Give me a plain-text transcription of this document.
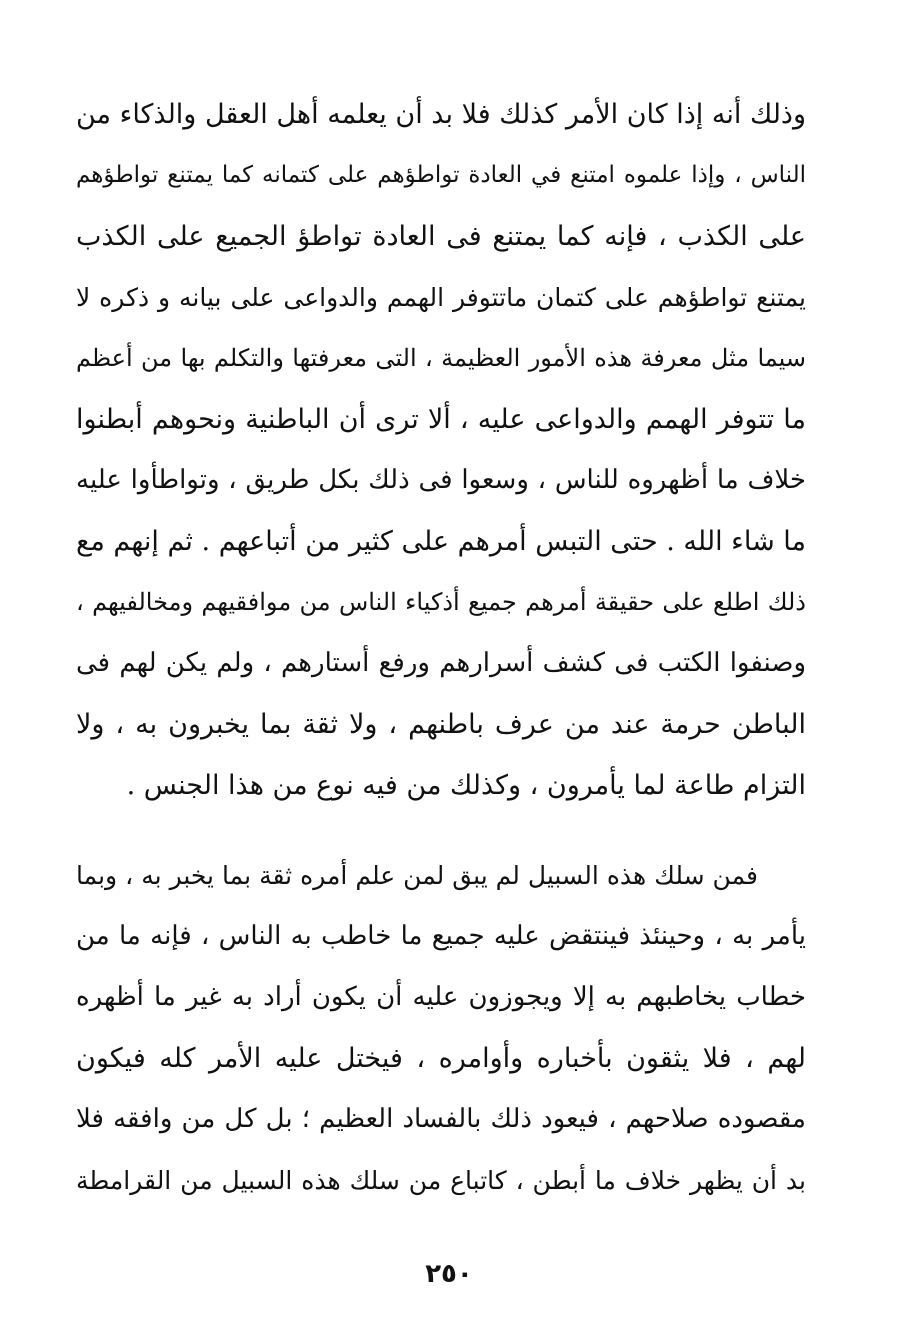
وذلك أنه إذا كان الأمر كذلك فلا بد أن يعلمه أهل العقل والذكاء من
الناس ، وإذا علموه امتنع في العادة تواطؤهم على كتمانه كما يمتنع تواطؤهم
على الكذب ، فإنه كما يمتنع فى العادة تواطؤ الجميع على الكذب
يمتنع تواطؤهم على كتمان ماتتوفر الهمم والدواعى على بيانه و ذكره لا
سيما مثل معرفة هذه الأمور العظيمة ، التى معرفتها والتكلم بها من أعظم
ما تتوفر الهمم والدواعى عليه ، ألا ترى أن الباطنية ونحوهم أبطنوا
خلاف ما أظهروه للناس ، وسعوا فى ذلك بكل طريق ، وتواطأوا عليه
ما شاء الله . حتى التبس أمرهم على كثير من أتباعهم . ثم إنهم مع
ذلك اطلع على حقيقة أمرهم جميع أذكياء الناس من موافقيهم ومخالفيهم ،
وصنفوا الكتب فى كشف أسرارهم ورفع أستارهم ، ولم يكن لهم فى
الباطن حرمة عند من عرف باطنهم ، ولا ثقة بما يخبرون به ، ولا
التزام طاعة لما يأمرون ، وكذلك من فيه نوع من هذا الجنس .
فمن سلك هذه السبيل لم يبق لمن علم أمره ثقة بما يخبر به ، وبما
يأمر به ، وحينئذ فينتقض عليه جميع ما خاطب به الناس ، فإنه ما من
خطاب يخاطبهم به إلا ويجوزون عليه أن يكون أراد به غير ما أظهره
لهم ، فلا يثقون بأخباره وأوامره ، فيختل عليه الأمر كله فيكون
مقصوده صلاحهم ، فيعود ذلك بالفساد العظيم ؛ بل كل من وافقه فلا
بد أن يظهر خلاف ما أبطن ، كاتباع من سلك هذه السبيل من القرامطة
٢٥٠
